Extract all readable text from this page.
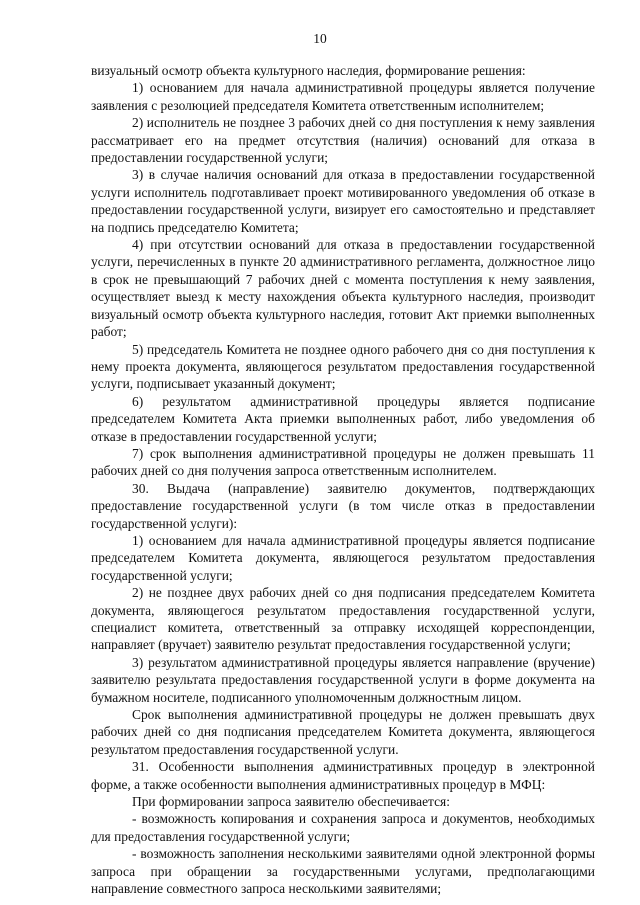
10

визуальный осмотр объекта культурного наследия, формирование решения:

1) основанием для начала административной процедуры является получение заявления с резолюцией председателя Комитета ответственным исполнителем;

2) исполнитель не позднее 3 рабочих дней со дня поступления к нему заявления рассматривает его на предмет отсутствия (наличия) оснований для отказа в предоставлении государственной услуги;

3) в случае наличия оснований для отказа в предоставлении государственной услуги исполнитель подготавливает проект мотивированного уведомления об отказе в предоставлении государственной услуги, визирует его самостоятельно и представляет на подпись председателю Комитета;

4) при отсутствии оснований для отказа в предоставлении государственной услуги, перечисленных в пункте 20 административного регламента, должностное лицо в срок не превышающий 7 рабочих дней с момента поступления к нему заявления, осуществляет выезд к месту нахождения объекта культурного наследия, производит визуальный осмотр объекта культурного наследия, готовит Акт приемки выполненных работ;

5) председатель Комитета не позднее одного рабочего дня со дня поступления к нему проекта документа, являющегося результатом предоставления государственной услуги, подписывает указанный документ;

6) результатом административной процедуры является подписание председателем Комитета Акта приемки выполненных работ, либо уведомления об отказе в предоставлении государственной услуги;

7) срок выполнения административной процедуры не должен превышать 11 рабочих дней со дня получения запроса ответственным исполнителем.

30. Выдача (направление) заявителю документов, подтверждающих предоставление государственной услуги (в том числе отказ в предоставлении государственной услуги):

1) основанием для начала административной процедуры является подписание председателем Комитета документа, являющегося результатом предоставления государственной услуги;

2) не позднее двух рабочих дней со дня подписания председателем Комитета документа, являющегося результатом предоставления государственной услуги, специалист комитета, ответственный за отправку исходящей корреспонденции, направляет (вручает) заявителю результат предоставления государственной услуги;

3) результатом административной процедуры является направление (вручение) заявителю результата предоставления государственной услуги в форме документа на бумажном носителе, подписанного уполномоченным должностным лицом.

Срок выполнения административной процедуры не должен превышать двух рабочих дней со дня подписания председателем Комитета документа, являющегося результатом предоставления государственной услуги.

31. Особенности выполнения административных процедур в электронной форме, а также особенности выполнения административных процедур в МФЦ:

При формировании запроса заявителю обеспечивается:

- возможность копирования и сохранения запроса и документов, необходимых для предоставления государственной услуги;

- возможность заполнения несколькими заявителями одной электронной формы запроса при обращении за государственными услугами, предполагающими направление совместного запроса несколькими заявителями;
